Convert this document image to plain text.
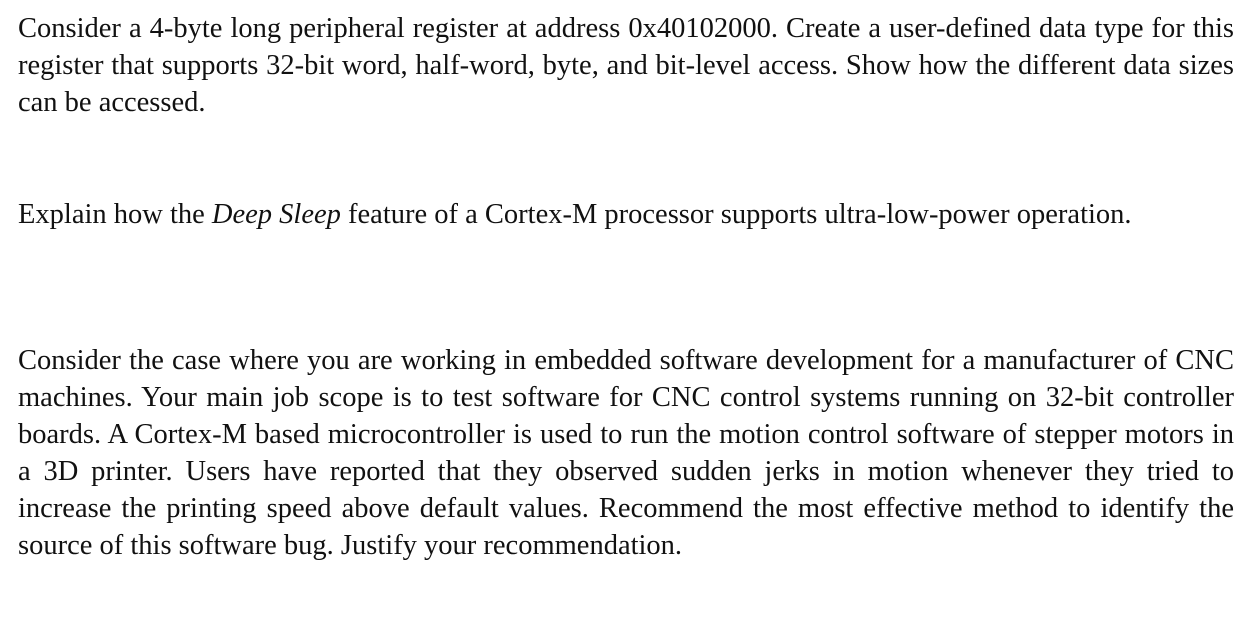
Consider a 4-byte long peripheral register at address 0x40102000. Create a user-defined data type for this register that supports 32-bit word, half-word, byte, and bit-level access. Show how the different data sizes can be accessed.

Explain how the Deep Sleep feature of a Cortex-M processor supports ultra-low-power operation.

Consider the case where you are working in embedded software development for a manufacturer of CNC machines. Your main job scope is to test software for CNC control systems running on 32-bit controller boards. A Cortex-M based microcontroller is used to run the motion control software of stepper motors in a 3D printer. Users have reported that they observed sudden jerks in motion whenever they tried to increase the printing speed above default values. Recommend the most effective method to identify the source of this software bug. Justify your recommendation.
